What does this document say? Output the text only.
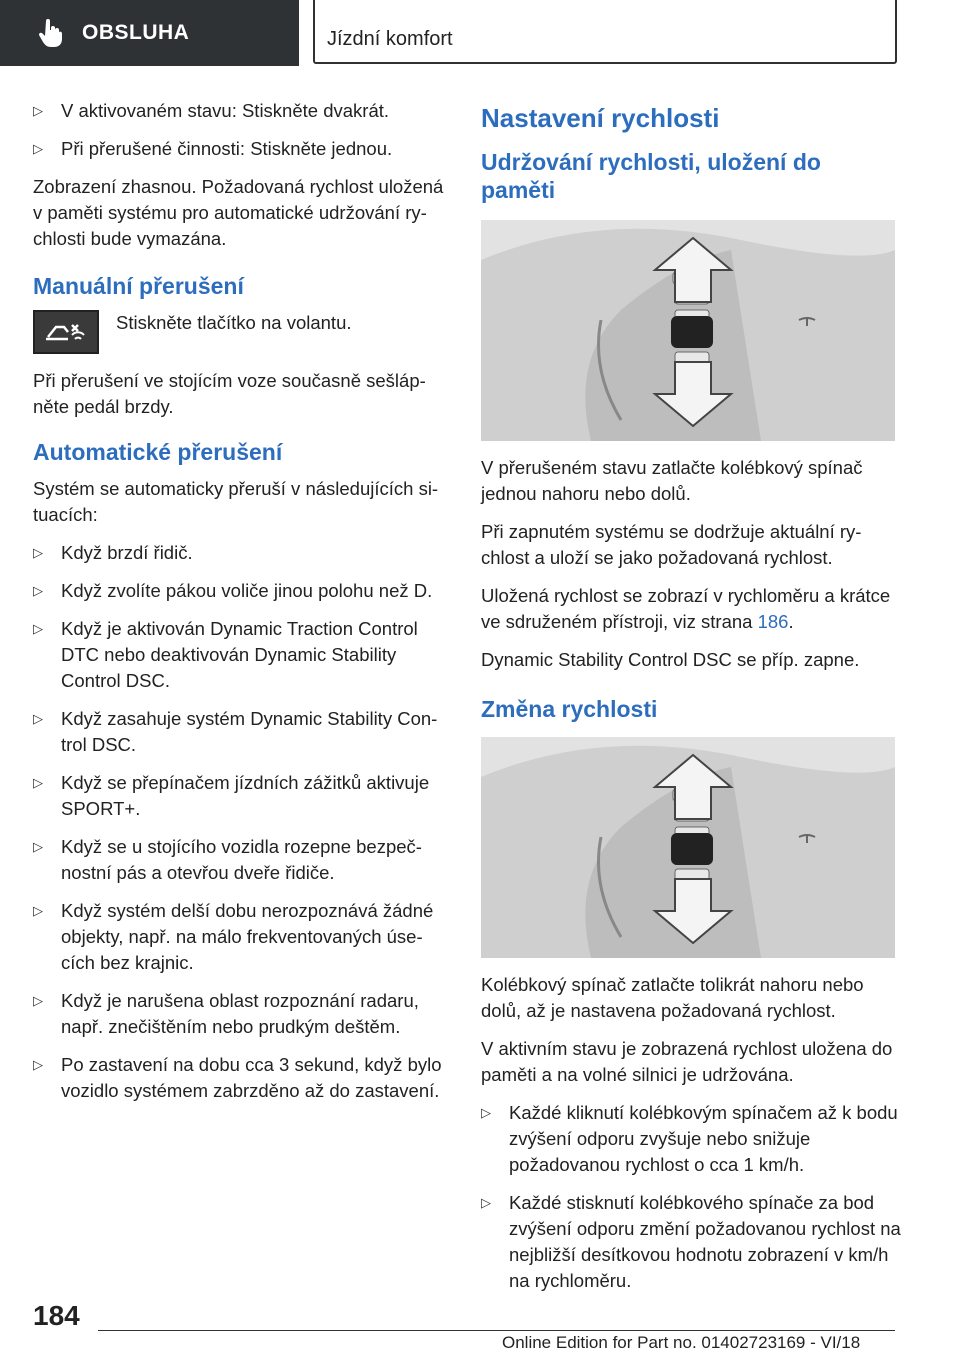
OBSLUHA	Jízdní komfort
▷ V aktivovaném stavu: Stiskněte dvakrát.
▷ Při přerušené činnosti: Stiskněte jednou.

Zobrazení zhasnou. Požadovaná rychlost uložená v paměti systému pro automatické udržování ry-chlosti bude vymazána.

Manuální přerušení
Stiskněte tlačítko na volantu.

Při přerušení ve stojícím voze současně sešláp-něte pedál brzdy.

Automatické přerušení

Systém se automaticky přeruší v následujících si-tuacích:

▷ Když brzdí řidič.
▷ Když zvolíte pákou voliče jinou polohu než D.
▷ Když je aktivován Dynamic Traction Control DTC nebo deaktivován Dynamic Stability Control DSC.
▷ Když zasahuje systém Dynamic Stability Con-trol DSC.
▷ Když se přepínačem jízdních zážitků aktivuje SPORT+.
▷ Když se u stojícího vozidla rozepne bezpeč-nostní pás a otevřou dveře řidiče.
▷ Když systém delší dobu nerozpoznává žádné objekty, např. na málo frekventovaných úse-cích bez krajnic.
▷ Když je narušena oblast rozpoznání radaru, např. znečištěním nebo prudkým deštěm.
▷ Po zastavení na dobu cca 3 sekund, když bylo vozidlo systémem zabrzděno až do zastavení.
Nastavení rychlosti
Udržování rychlosti, uložení do paměti

V přerušeném stavu zatlačte kolébkový spínač jednou nahoru nebo dolů.

Při zapnutém systému se dodržuje aktuální ry-chlost a uloží se jako požadovaná rychlost.

Uložená rychlost se zobrazí v rychloměru a krátce ve sdruženém přístroji, viz strana 186.

Dynamic Stability Control DSC se příp. zapne.

Změna rychlosti

Kolébkový spínač zatlačte tolikrát nahoru nebo dolů, až je nastavena požadovaná rychlost.

V aktivním stavu je zobrazená rychlost uložena do paměti a na volné silnici je udržována.

▷ Každé kliknutí kolébkovým spínačem až k bodu zvýšení odporu zvyšuje nebo snižuje požadovanou rychlost o cca 1 km/h.
▷ Každé stisknutí kolébkového spínače za bod zvýšení odporu změní požadovanou rychlost na nejbližší desítkovou hodnotu zobrazení v km/h na rychloměru.
184
Online Edition for Part no. 01402723169 - VI/18
